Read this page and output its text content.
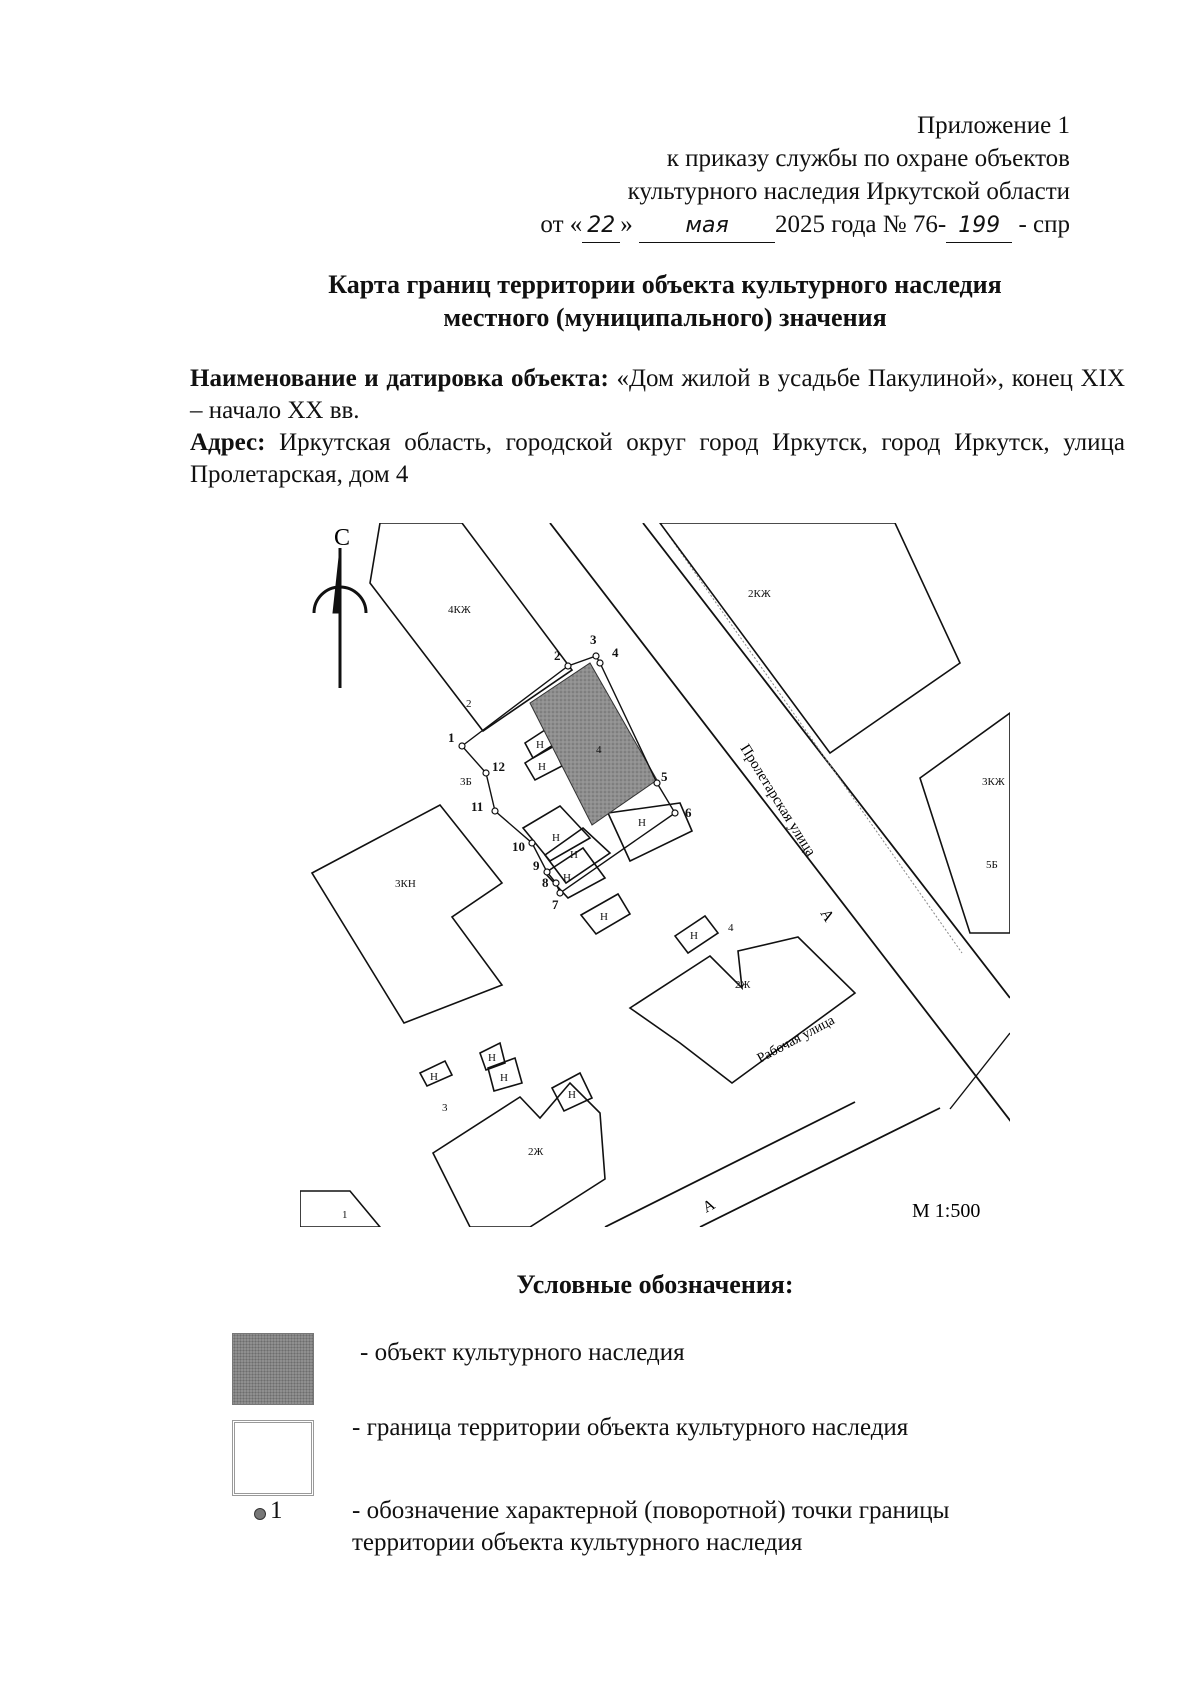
Приложение 1
к приказу службы по охране объектов
культурного наследия Иркутской области
от « 22 » мая 2025 года № 76- 199 - спр
Карта границ территории объекта культурного наследия
местного (муниципального) значения
Наименование и датировка объекта: «Дом жилой в усадьбе Пакулиной», конец XIX – начало XX вв.
Адрес: Иркутская область, городской округ город Иркутск, город Иркутск, улица Пролетарская, дом 4
С
4КЖ
2
2КЖ
3КЖ
5Б
3Б
3КН
2Ж
4
2Ж
3
1
4
Н
Н
Н
Н
Н
Н
Н
Н
Н
Н
Н
Н
Пролетарская улица
Рабочая улица
А
А	М 1:500
1
2
3
4
5
6
7
8
9
10
11
12
Условные обозначения:
- объект культурного наследия
- граница территории объекта культурного наследия
1	- обозначение характерной (поворотной) точки границы
территории объекта культурного наследия
